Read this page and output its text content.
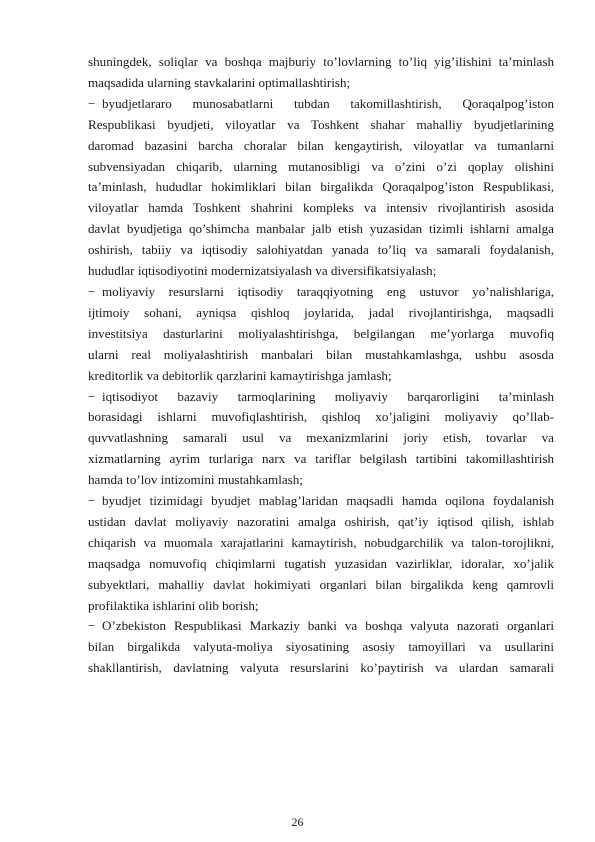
shuningdek, soliqlar va boshqa majburiy to’lovlarning to’liq yig’ilishini ta’minlash

maqsadida ularning stavkalarini optimallashtirish;

− byudjetlararo munosabatlarni tubdan takomillashtirish, Qoraqalpog’iston

Respublikasi byudjeti, viloyatlar va Toshkent shahar mahalliy byudjetlarining

daromad bazasini barcha choralar bilan kengaytirish, viloyatlar va tumanlarni

subvensiyadan chiqarib, ularning mutanosibligi va o’zini o’zi qoplay olishini

ta’minlash, hududlar hokimliklari bilan birgalikda Qoraqalpog’iston Respublikasi,

viloyatlar hamda Toshkent shahrini kompleks va intensiv rivojlantirish asosida

davlat byudjetiga qo’shimcha manbalar jalb etish yuzasidan tizimli ishlarni amalga

oshirish, tabiiy va iqtisodiy salohiyatdan yanada to’liq va samarali foydalanish,

hududlar iqtisodiyotini modernizatsiyalash va diversifikatsiyalash;

− moliyaviy resurslarni iqtisodiy taraqqiyotning eng ustuvor yo’nalishlariga,

ijtimoiy sohani, ayniqsa qishloq joylarida, jadal rivojlantirishga, maqsadli

investitsiya dasturlarini moliyalashtirishga, belgilangan me’yorlarga muvofiq

ularni real moliyalashtirish manbalari bilan mustahkamlashga, ushbu asosda

kreditorlik va debitorlik qarzlarini kamaytirishga jamlash;

− iqtisodiyot bazaviy tarmoqlarining moliyaviy barqarorligini ta’minlash

borasidagi ishlarni muvofiqlashtirish, qishloq xo’jaligini moliyaviy qo’llab-

quvvatlashning samarali usul va mexanizmlarini joriy etish, tovarlar va

xizmatlarning ayrim turlariga narx va tariflar belgilash tartibini takomillashtirish

hamda to’lov intizomini mustahkamlash;

− byudjet tizimidagi byudjet mablag’laridan maqsadli hamda oqilona foydalanish

ustidan davlat moliyaviy nazoratini amalga oshirish, qat’iy iqtisod qilish, ishlab

chiqarish va muomala xarajatlarini kamaytirish, nobudgarchilik va talon-torojlikni,

maqsadga nomuvofiq chiqimlarni tugatish yuzasidan vazirliklar, idoralar, xo’jalik

subyektlari, mahalliy davlat hokimiyati organlari bilan birgalikda keng qamrovli

profilaktika ishlarini olib borish;

− O’zbekiston Respublikasi Markaziy banki va boshqa valyuta nazorati organlari

bilan birgalikda valyuta-moliya siyosatining asosiy tamoyillari va usullarini

shakllantirish, davlatning valyuta resurslarini ko’paytirish va ulardan samarali

26
